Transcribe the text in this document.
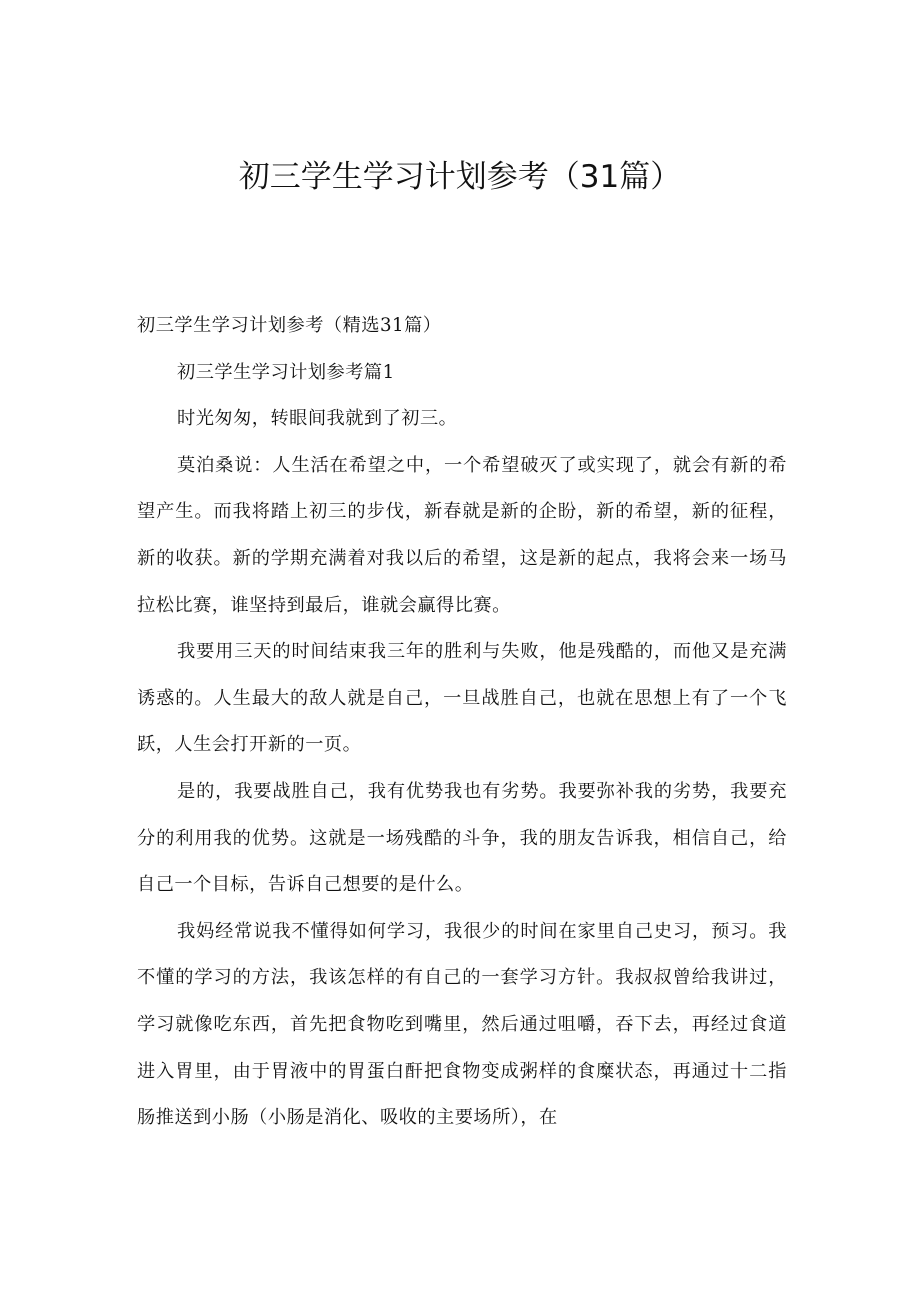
初三学生学习计划参考（31篇）

初三学生学习计划参考（精选31篇）

初三学生学习计划参考篇1

时光匆匆，转眼间我就到了初三。

莫泊桑说：人生活在希望之中，一个希望破灭了或实现了，就会有新的希望产生。而我将踏上初三的步伐，新春就是新的企盼，新的希望，新的征程，新的收获。新的学期充满着对我以后的希望，这是新的起点，我将会来一场马拉松比赛，谁坚持到最后，谁就会赢得比赛。

我要用三天的时间结束我三年的胜利与失败，他是残酷的，而他又是充满诱惑的。人生最大的敌人就是自己，一旦战胜自己，也就在思想上有了一个飞跃，人生会打开新的一页。

是的，我要战胜自己，我有优势我也有劣势。我要弥补我的劣势，我要充分的利用我的优势。这就是一场残酷的斗争，我的朋友告诉我，相信自己，给自己一个目标，告诉自己想要的是什么。

我妈经常说我不懂得如何学习，我很少的时间在家里自己史习，预习。我不懂的学习的方法，我该怎样的有自己的一套学习方针。我叔叔曾给我讲过，学习就像吃东西，首先把食物吃到嘴里，然后通过咀嚼，吞下去，再经过食道进入胃里，由于胃液中的胃蛋白酐把食物变成粥样的食糜状态，再通过十二指肠推送到小肠（小肠是消化、吸收的主要场所），在
